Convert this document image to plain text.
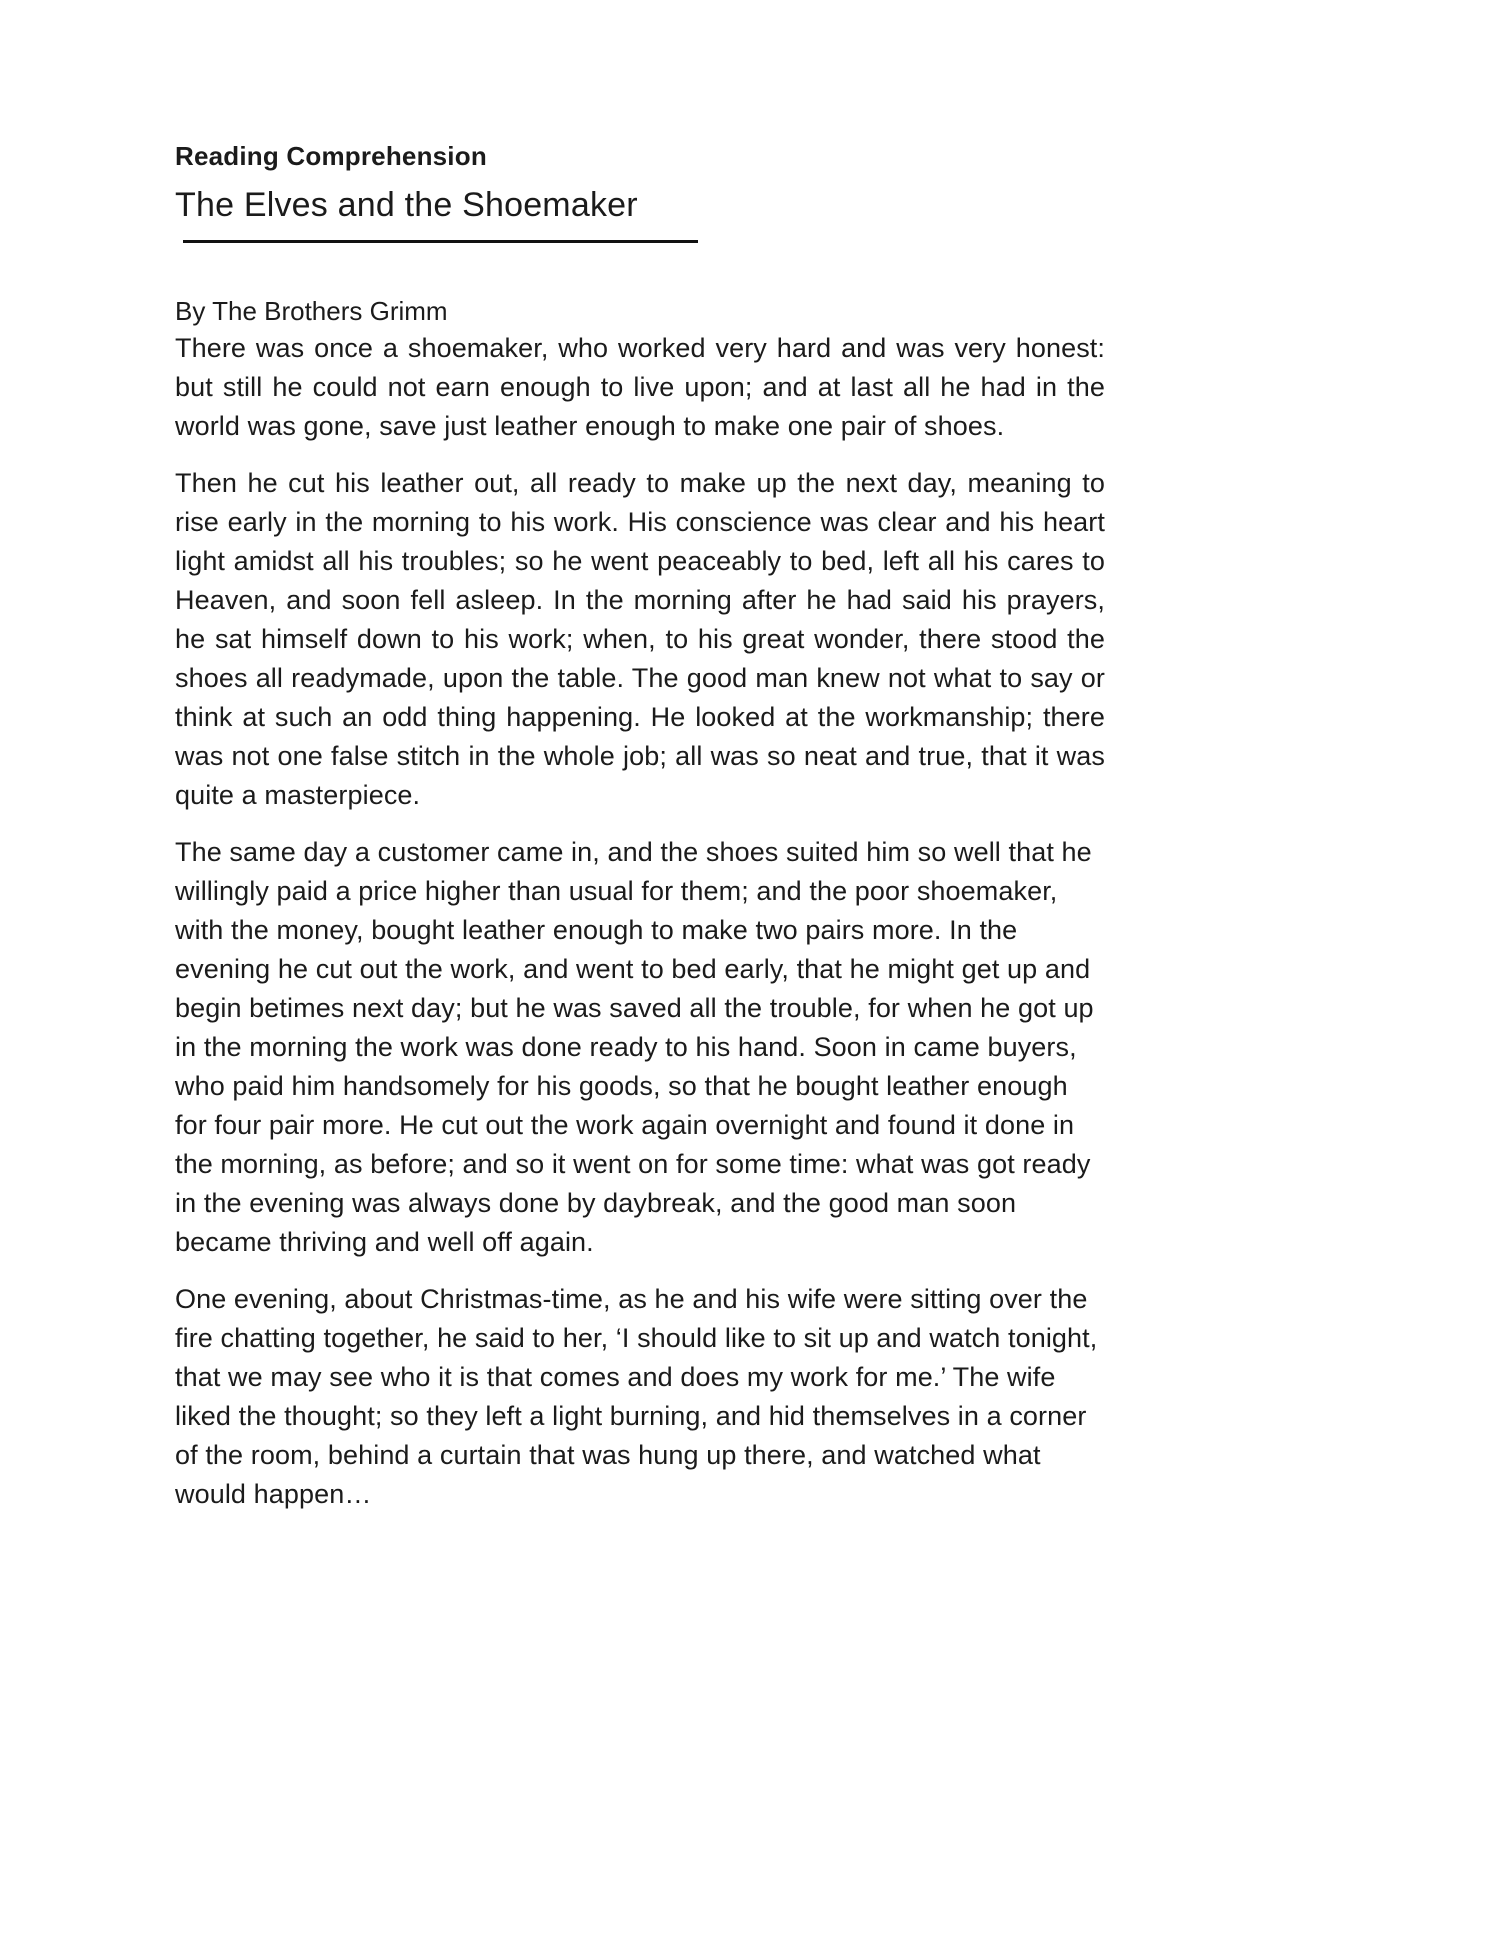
Reading Comprehension
The Elves and the Shoemaker
By The Brothers Grimm

There was once a shoemaker, who worked very hard and was very honest: but still he could not earn enough to live upon; and at last all he had in the world was gone, save just leather enough to make one pair of shoes.

Then he cut his leather out, all ready to make up the next day, meaning to rise early in the morning to his work. His conscience was clear and his heart light amidst all his troubles; so he went peaceably to bed, left all his cares to Heaven, and soon fell asleep. In the morning after he had said his prayers, he sat himself down to his work; when, to his great wonder, there stood the shoes all readymade, upon the table. The good man knew not what to say or think at such an odd thing happening. He looked at the workmanship; there was not one false stitch in the whole job; all was so neat and true, that it was quite a masterpiece.

The same day a customer came in, and the shoes suited him so well that he willingly paid a price higher than usual for them; and the poor shoemaker, with the money, bought leather enough to make two pairs more. In the evening he cut out the work, and went to bed early, that he might get up and begin betimes next day; but he was saved all the trouble, for when he got up in the morning the work was done ready to his hand. Soon in came buyers, who paid him handsomely for his goods, so that he bought leather enough for four pair more. He cut out the work again overnight and found it done in the morning, as before; and so it went on for some time: what was got ready in the evening was always done by daybreak, and the good man soon became thriving and well off again.

One evening, about Christmas-time, as he and his wife were sitting over the fire chatting together, he said to her, ‘I should like to sit up and watch tonight, that we may see who it is that comes and does my work for me.’ The wife liked the thought; so they left a light burning, and hid themselves in a corner of the room, behind a curtain that was hung up there, and watched what would happen…
